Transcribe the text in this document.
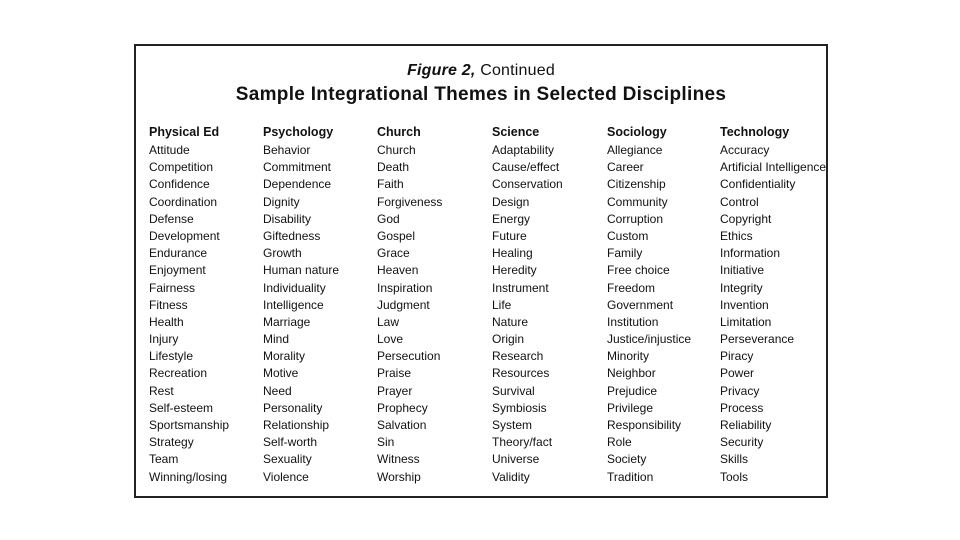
Figure 2, Continued
Sample Integrational Themes in Selected Disciplines
Physical Ed
Attitude
Competition
Confidence
Coordination
Defense
Development
Endurance
Enjoyment
Fairness
Fitness
Health
Injury
Lifestyle
Recreation
Rest
Self-esteem
Sportsmanship
Strategy
Team
Winning/losing
Psychology
Behavior
Commitment
Dependence
Dignity
Disability
Giftedness
Growth
Human nature
Individuality
Intelligence
Marriage
Mind
Morality
Motive
Need
Personality
Relationship
Self-worth
Sexuality
Violence
Church
Church
Death
Faith
Forgiveness
God
Gospel
Grace
Heaven
Inspiration
Judgment
Law
Love
Persecution
Praise
Prayer
Prophecy
Salvation
Sin
Witness
Worship
Science
Adaptability
Cause/effect
Conservation
Design
Energy
Future
Healing
Heredity
Instrument
Life
Nature
Origin
Research
Resources
Survival
Symbiosis
System
Theory/fact
Universe
Validity
Sociology
Allegiance
Career
Citizenship
Community
Corruption
Custom
Family
Free choice
Freedom
Government
Institution
Justice/injustice
Minority
Neighbor
Prejudice
Privilege
Responsibility
Role
Society
Tradition
Technology
Accuracy
Artificial Intelligence
Confidentiality
Control
Copyright
Ethics
Information
Initiative
Integrity
Invention
Limitation
Perseverance
Piracy
Power
Privacy
Process
Reliability
Security
Skills
Tools
